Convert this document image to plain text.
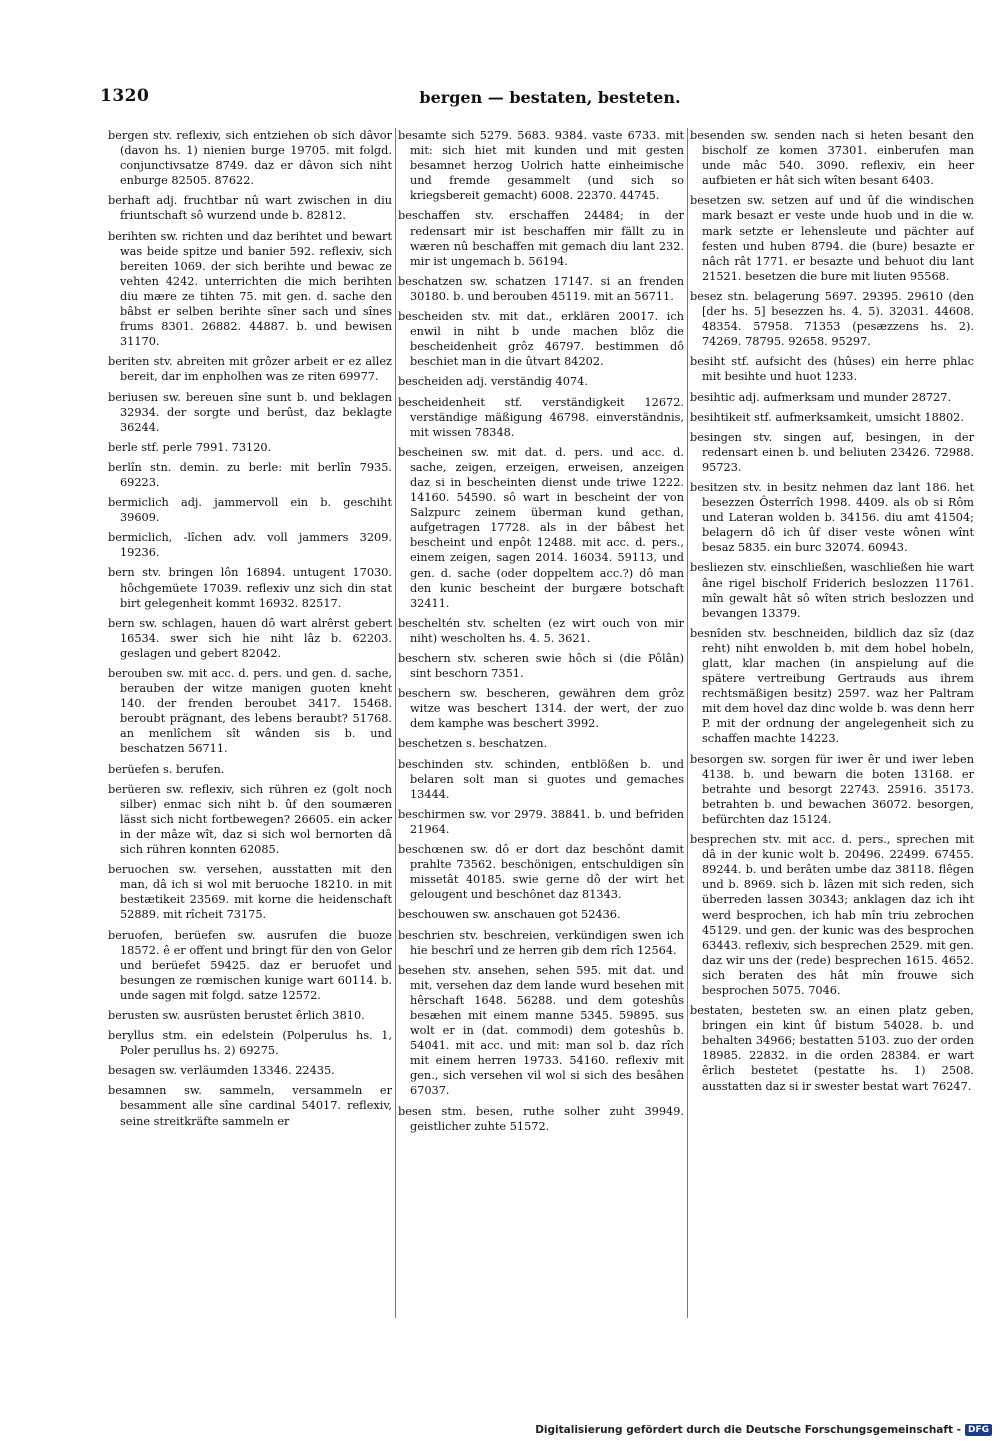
1320	bergen — bestaten, besteten.

bergen stv. reflexiv, sich entziehen ob sich dâvor (davon hs. 1) nienien burge 19705. mit folgd. conjunctivsatze 8749. daz er dâvon sich niht enburge 82505. 87622.

berhaft adj. fruchtbar nû wart zwischen in diu friuntschaft sô wurzend unde b. 82812.

berihten sw. richten und daz berihtet und bewart was beide spitze und banier 592. reflexiv, sich bereiten 1069. der sich berihte und bewac ze vehten 4242. unterrichten die mich berihten diu mære ze tihten 75. mit gen. d. sache den bâbst er selben berihte sîner sach und sînes frums 8301. 26882. 44887. b. und bewisen 31170.

beriten stv. abreiten mit grôzer arbeit er ez allez bereit, dar im enpholhen was ze riten 69977.

beriusen sw. bereuen sîne sunt b. und beklagen 32934. der sorgte und berûst, daz beklagte 36244.

berle stf. perle 7991. 73120.

berlîn stn. demin. zu berle: mit berlîn 7935. 69223.

bermiclich adj. jammervoll ein b. geschiht 39609.

bermiclich, -lîchen adv. voll jammers 3209. 19236.

bern stv. bringen lôn 16894. untugent 17030. hôchgemüete 17039. reflexiv unz sich din stat birt gelegenheit kommt 16932. 82517.

bern sw. schlagen, hauen dô wart alrêrst gebert 16534. swer sich hie niht lâz b. 62203. geslagen und gebert 82042.

berouben sw. mit acc. d. pers. und gen. d. sache, berauben der witze manigen guoten kneht 140. der frenden beroubet 3417. 15468. beroubt prägnant, des lebens beraubt? 51768. an menlîchem sît wânden sis b. und beschatzen 56711.

berüefen s. berufen.

berüeren sw. reflexiv, sich rühren ez (golt noch silber) enmac sich niht b. ûf den soumæren lässt sich nicht fortbewegen? 26605. ein acker in der mâze wît, daz si sich wol bernorten dâ sich rühren konnten 62085.

beruochen sw. versehen, ausstatten mit den man, dâ ich si wol mit beruoche 18210. in mit bestætikeit 23569. mit korne die heidenschaft 52889. mit rîcheit 73175.

beruofen, berüefen sw. ausrufen die buoze 18572. ê er offent und bringt für den von Gelor und berüefet 59425. daz er beruofet und besungen ze rœmischen kunige wart 60114. b. unde sagen mit folgd. satze 12572.

berusten sw. ausrüsten berustet êrlich 3810.

beryllus stm. ein edelstein (Polperulus hs. 1, Poler perullus hs. 2) 69275.

besagen sw. verläumden 13346. 22435.

besamnen sw. sammeln, versammeln er besamment alle sîne cardinal 54017. reflexiv, seine streitkräfte sammeln er

besamte sich 5279. 5683. 9384. vaste 6733. mit mit: sich hiet mit kunden und mit gesten besamnet herzog Uolrich hatte einheimische und fremde gesammelt (und sich so kriegsbereit gemacht) 6008. 22370. 44745.

beschaffen stv. erschaffen 24484; in der redensart mir ist beschaffen mir fällt zu in wæren nû beschaffen mit gemach diu lant 232. mir ist ungemach b. 56194.

beschatzen sw. schatzen 17147. si an frenden 30180. b. und berouben 45119. mit an 56711.

bescheiden stv. mit dat., erklären 20017. ich enwil in niht b unde machen blôz die bescheidenheit grôz 46797. bestimmen dô beschiet man in die ûtvart 84202.

bescheiden adj. verständig 4074.

bescheidenheit stf. verständigkeit 12672. verständige mäßigung 46798. einverständnis, mit wissen 78348.

bescheinen sw. mit dat. d. pers. und acc. d. sache, zeigen, erzeigen, erweisen, anzeigen daz si in bescheinten dienst unde triwe 1222. 14160. 54590. sô wart in bescheint der von Salzpurc zeinem überman kund gethan, aufgetragen 17728. als in der bâbest het bescheint und enpôt 12488. mit acc. d. pers., einem zeigen, sagen 2014. 16034. 59113, und gen. d. sache (oder doppeltem acc.?) dô man den kunic bescheint der burgære botschaft 32411.

bescheltén stv. schelten (ez wirt ouch von mir niht) wescholten hs. 4. 5. 3621.

beschern stv. scheren swie hôch si (die Pôlân) sint beschorn 7351.

beschern sw. bescheren, gewähren dem grôz witze was beschert 1314. der wert, der zuo dem kamphe was beschert 3992.

beschetzen s. beschatzen.

beschinden stv. schinden, entblößen b. und belaren solt man si guotes und gemaches 13444.

beschirmen sw. vor 2979. 38841. b. und befriden 21964.

beschœnen sw. dô er dort daz beschônt damit prahlte 73562. beschönigen, entschuldigen sîn missetât 40185. swie gerne dô der wirt het gelougent und beschônet daz 81343.

beschouwen sw. anschauen got 52436.

beschrien stv. beschreien, verkündigen swen ich hie beschrî und ze herren gib dem rîch 12564.

besehen stv. ansehen, sehen 595. mit dat. und mit, versehen daz dem lande wurd besehen mit hêrschaft 1648. 56288. und dem goteshûs besæhen mit einem manne 5345. 59895. sus wolt er in (dat. commodi) dem goteshûs b. 54041. mit acc. und mit: man sol b. daz rîch mit einem herren 19733. 54160. reflexiv mit gen., sich versehen vil wol si sich des besâhen 67037.

besen stm. besen, ruthe solher zuht 39949. geistlicher zuhte 51572.

besenden sw. senden nach si heten besant den bischolf ze komen 37301. einberufen man unde mâc 540. 3090. reflexiv, ein heer aufbieten er hât sich wîten besant 6403.

besetzen sw. setzen auf und ûf die windischen mark besazt er veste unde huob und in die w. mark setzte er lehensleute und pächter auf festen und huben 8794. die (bure) besazte er nâch rât 1771. er besazte und behuot diu lant 21521. besetzen die bure mit liuten 95568.

besez stn. belagerung 5697. 29395. 29610 (den [der hs. 5] besezzen hs. 4. 5). 32031. 44608. 48354. 57958. 71353 (pesæzzens hs. 2). 74269. 78795. 92658. 95297.

besiht stf. aufsicht des (hûses) ein herre phlac mit besihte und huot 1233.

besihtic adj. aufmerksam und munder 28727.

besihtikeit stf. aufmerksamkeit, umsicht 18802.

besingen stv. singen auf, besingen, in der redensart einen b. und beliuten 23426. 72988. 95723.

besitzen stv. in besitz nehmen daz lant 186. het besezzen Ôsterrîch 1998. 4409. als ob si Rôm und Lateran wolden b. 34156. diu amt 41504; belagern dô ich ûf diser veste wônen wînt besaz 5835. ein burc 32074. 60943.

besliezen stv. einschließen, waschließen hie wart âne rigel bischolf Friderich beslozzen 11761. mîn gewalt hât sô wîten strich beslozzen und bevangen 13379.

besnîden stv. beschneiden, bildlich daz sîz (daz reht) niht enwolden b. mit dem hobel hobeln, glatt, klar machen (in anspielung auf die spätere vertreibung Gertrauds aus ihrem rechtsmäßigen besitz) 2597. waz her Paltram mit dem hovel daz dinc wolde b. was denn herr P. mit der ordnung der angelegenheit sich zu schaffen machte 14223.

besorgen sw. sorgen für iwer êr und iwer leben 4138. b. und bewarn die boten 13168. er betrahte und besorgt 22743. 25916. 35173. betrahten b. und bewachen 36072. besorgen, befürchten daz 15124.

besprechen stv. mit acc. d. pers., sprechen mit dâ in der kunic wolt b. 20496. 22499. 67455. 89244. b. und berâten umbe daz 38118. flêgen und b. 8969. sich b. lâzen mit sich reden, sich überreden lassen 30343; anklagen daz ich iht werd besprochen, ich hab mîn triu zebrochen 45129. und gen. der kunic was des besprochen 63443. reflexiv, sich besprechen 2529. mit gen. daz wir uns der (rede) besprechen 1615. 4652. sich beraten des hât mîn frouwe sich besprochen 5075. 7046.

bestaten, besteten sw. an einen platz geben, bringen ein kint ûf bistum 54028. b. und behalten 34966; bestatten 5103. zuo der orden 18985. 22832. in die orden 28384. er wart êrlich bestetet (pestatte hs. 1) 2508. ausstatten daz si ir swester bestat wart 76247.

Digitalisierung gefördert durch die Deutsche Forschungsgemeinschaft - DFG
